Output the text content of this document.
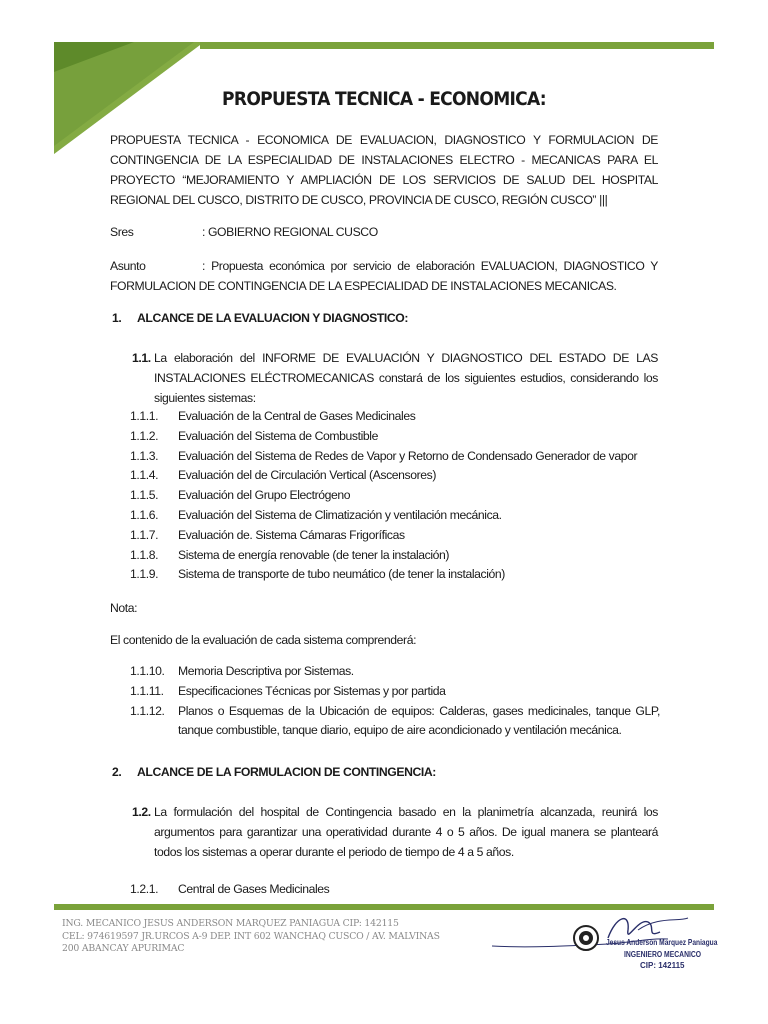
PROPUESTA TECNICA - ECONOMICA:
PROPUESTA TECNICA - ECONOMICA DE EVALUACION, DIAGNOSTICO Y FORMULACION DE CONTINGENCIA DE LA ESPECIALIDAD DE INSTALACIONES ELECTRO - MECANICAS PARA EL PROYECTO “MEJORAMIENTO Y AMPLIACIÓN DE LOS SERVICIOS DE SALUD DEL HOSPITAL REGIONAL DEL CUSCO, DISTRITO DE CUSCO, PROVINCIA DE CUSCO, REGIÓN CUSCO” |||
Sres	: GOBIERNO REGIONAL CUSCO
Asunto	: Propuesta económica por servicio de elaboración EVALUACION, DIAGNOSTICO Y FORMULACION DE CONTINGENCIA DE LA ESPECIALIDAD DE INSTALACIONES MECANICAS.
1. ALCANCE DE LA EVALUACION Y DIAGNOSTICO:
1.1. La elaboración del INFORME DE EVALUACIÓN Y DIAGNOSTICO DEL ESTADO DE LAS INSTALACIONES ELÉCTROMECANICAS constará de los siguientes estudios, considerando los siguientes sistemas:
1.1.1.	Evaluación de la Central de Gases Medicinales
1.1.2.	Evaluación del Sistema de Combustible
1.1.3.	Evaluación del Sistema de Redes de Vapor y Retorno de Condensado Generador de vapor
1.1.4.	Evaluación del de Circulación Vertical (Ascensores)
1.1.5.	Evaluación del Grupo Electrógeno
1.1.6.	Evaluación del Sistema de Climatización y ventilación mecánica.
1.1.7.	Evaluación de. Sistema Cámaras Frigoríficas
1.1.8.	Sistema de energía renovable (de tener la instalación)
1.1.9.	Sistema de transporte de tubo neumático (de tener la instalación)
Nota:
El contenido de la evaluación de cada sistema comprenderá:
1.1.10.	Memoria Descriptiva por Sistemas.
1.1.11.	Especificaciones Técnicas por Sistemas y por partida
1.1.12.	Planos o Esquemas de la Ubicación de equipos: Calderas, gases medicinales, tanque GLP, tanque combustible, tanque diario, equipo de aire acondicionado y ventilación mecánica.
2. ALCANCE DE LA FORMULACION DE CONTINGENCIA:
1.2. La formulación del hospital de Contingencia basado en la planimetría alcanzada, reunirá los argumentos para garantizar una operatividad durante 4 o 5 años. De igual manera se planteará todos los sistemas a operar durante el periodo de tiempo de 4 a 5 años.
1.2.1.	Central de Gases Medicinales
ING. MECANICO JESUS ANDERSON MARQUEZ PANIAGUA CIP: 142115
CEL: 974619597 JR.URCOS A-9 DEP. INT 602 WANCHAQ CUSCO / AV. MALVINAS
200 ABANCAY APURIMAC
Jesus Anderson Marquez Paniagua
INGENIERO MECANICO
CIP: 142115
